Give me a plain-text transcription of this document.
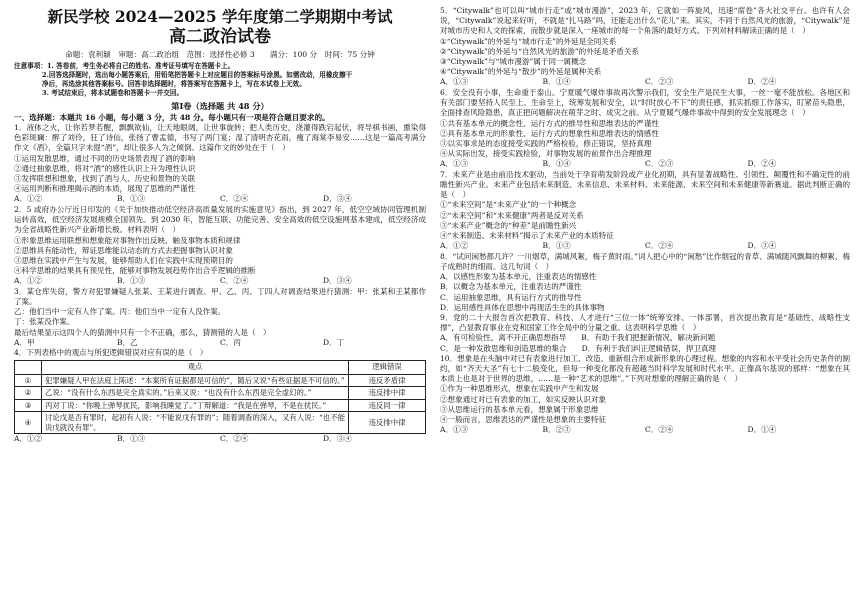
新民学校 2024—2025 学年度第二学期期中考试
高二政治试卷
命题：袁利颖　审题：高二政治组　范围：选择性必修 3　　满分：100 分　时间：75 分钟
注意事项：1. 答卷前，考生务必将自己的姓名、准考证号填写在答题卡上。
2.回答选择题时，选出每小题答案后，用铅笔把答题卡上对应题目的答案标号涂黑。如需改动，用橡皮擦干
净后，再选涂其他答案标号。回答非选择题时，将答案写在答题卡上，写在本试卷上无效。
3. 考试结束后，将本试题卷和答题卡一并交回。
第Ⅰ卷（选择题 共 48 分）
一、选择题：本题共 16 小题，每小题 3 分，共 48 分。每小题只有一项是符合题目要求的。

1．液体之火，让你若梦若醒，飘飘欲仙，让天地眼阔，让世事旋转；把人类历史，浇灌得跌宕起伏，将导棋书画，熏染得色彩斑斓：醉了刘伶，狂了诗仙，张扬了曹孟德，书写了两门宴；湿了清明杏花雨，瘦了海棠李易安……这是一篇高考满分作文《酒》，全篇只字未提“酒”，却让很多人为之倾倒。这篇作文的妙处在于（　）

①运用发散思维，通过不同的历史场景表现了酒的影响

②通过抽象思维，将对“酒”的感性认识上升为理性认识

③发挥联想和想象，找到了酒与人、历史和景物的关联

④运用判断和推理揭示酒的本质，展现了思维的严谨性

A．①②	B．①③	C．②④	D．③④

2．5 或府办公厅近日印发的《关于加快推动低空经济高质量发展的实施意见》指出，到 2027 年，低空空域协同管理机制运转高效，低空经济发展规模全国领先。到 2030 年，智能互联、功能完善、安全高效的低空设施网基本建成，低空经济成为全省战略性新兴产业新增长极。材料表明（　）

①形象思维运用联想和想象能对事物作出反映，触及事物本质和规律

②思维具有能动性，辩证思维能以动态的方式去把握事物认识对象

③思维在实践中产生与发展，能够帮助人们在实践中实现预期目的

④科学思维的结果具有预见性，能够对事物发展趋势作出合乎逻辑的推断

A．①②	B．①③	C．②④	D．③④

3．某仓库失窃，警方对犯罪嫌疑人张某、王某进行调查。甲、乙、丙、丁四人对调查结果进行猜测：甲：张某和王某都作了案。

乙：他们当中一定有人作了案。丙：他们当中一定有人没作案。

丁：张某没作案。

最后结果显示这四个人的猜测中只有一个不正确，那么，猜测错的人是（　）

A．甲	B．乙	C．丙	D．丁

4．下列表格中的观点与所犯逻辑错误对应有误的是（　）

	观点	逻辑错误
①	犯罪嫌疑人甲在法庭上陈述：“本案所有证据都是可信的”，随后又说“有些证据是不可信的。”	违反矛盾律
②	乙说：“没有什么东西是完全真实的。”后来又说：“也没有什么东西是完全虚幻的。”	违反排中律
③	丙对丁说：“你晚上弹琴扰民，影响我睡觉了。”丁辩解道：“我是在弹琴，不是在扰民。”	违反同一律
④	讨论戊是否有罪时，起初有人说：“不能说戊有罪的”；随着调查的深入，又有人说：“也不能说戊就没有罪”。	违反排中律
A．①②	B．①③	C．②④	D．③④

5．“Citywalk”也可以叫“城市行走”或“城市漫游”，2023 年，它就如一阵旋风，迅速“席卷”各大社交平台。也许有人会说，“Citywalk”说起来好听，不就是“扎马路”吗，还能走出什么“花儿”来。其实，不同于自然风光的旅游，“Citywalk”是对城市历史和人文的探索，而散步就是深入一座城市的每一个角落的最好方式。下列对材料解读正确的是（　）

①“Citywalk”的外延与“城市行走”的外延是全同关系

②“Citywalk”的外延与“自然风光的旅游”的外延是矛盾关系

③“Citywalk”与“城市漫游”属于同一属概念

④“Citywalk”的外延与“散步”的外延是属种关系

A．①③	B．①④	C．②③	D．②④

6．安全没有小事，生命重于泰山。宁夏暖气爆炸事故再次警示我们，安全生产是民生大事，一丝一毫不能放松。各地区和有关部门要坚持人民至上、生命至上，统筹发展和安全，以“时时放心不下”的责任感，抓实抓细工作落实，盯紧苗头隐患，全面排查风险隐患，真正把问题解决在萌芽之时、成灾之前。从宁夏暖气爆炸事故中得到的安全发展理念（　）

①共有基本单元的概念性、运行方式的推导性和思维表达的严谨性

②具有基本单元的形象性、运行方式的想象性和思维表达的情感性

③以实事求是的态度接受实践的严格检验，修正错误，坚持真理

④从实际出发，接受实践检验，对事物发展的前景作出合理推理

A．①③	B．①④	C．②③	D．②④

7．未来产业是由前沿技术驱动，当前处于孕育萌发阶段或产业化初期，具有显著战略性、引领性、颠覆性和不确定性的前瞻性新兴产业。未来产业包括未来制造、未来信息、未来材料、未来能源、未来空间和未来健康等新赛道。据此判断正确的是（　）

①“未来空间”是“未来产业”的一个种概念

②“未来空间”和“未来健康”两者是反对关系

③“未来产业”概念的“种差”是前瞻性新兴

④“未来制造、未来材料”揭示了未来产业的本质特征

A．①②	B．①③	C．②④	D．③④

8．“试问闲愁都几许？一川烟草，满城风絮，梅子黄时雨。”词人把心中的“闲愁”比作烟冠的青草、满城随风飘舞的柳絮、梅子成熟时的细雨。这几句词（　）

A．以感性形象为基本单元，注重表达的情感性

B．以概念为基本单元，注重表达的严谨性

C．运用抽象思维，具有运行方式的推导性

D．运用感性具体在思想中再现活生生的具体事物

9．党的二十大报告首次把教育、科技、人才进行“三位一体”统筹安排、一体部署，首次提出教育是“基础性、战略性支撑”，凸显教育事业在党和国家工作全局中的分量之重。这表明科学思维（　）

A．有可检验性，离不开正确思想指导　　B．有助于我们把握新情况，解决新问题

C．是一种发散思维和创造思维的集合　　D．有利于我们纠正逻辑错误，捍卫真理

10．想象是在头脑中对已有表象进行加工、改造、重新组合形成新形象的心理过程。想象的内容和水平受社会历史条件的制约，如“齐天大圣”有七十二般变化，但每一种变化都没有超越当时科学发展和时代水平。正像高尔基说的那样：“想象在其本质上也是对于世界的思维，……是一种“艺术的思维”。”下列对想象的理解正确的是（　）

①作为一种思维形式，想象在实践中产生和发展

②想象通过对已有表象的加工，如实反映认识对象

③从思维运行的基本单元看，想象属于形象思维

④一般而言，思维表达的严谨性是想象的主要特征

A．①③	B．②③	C．②④	D．①④
